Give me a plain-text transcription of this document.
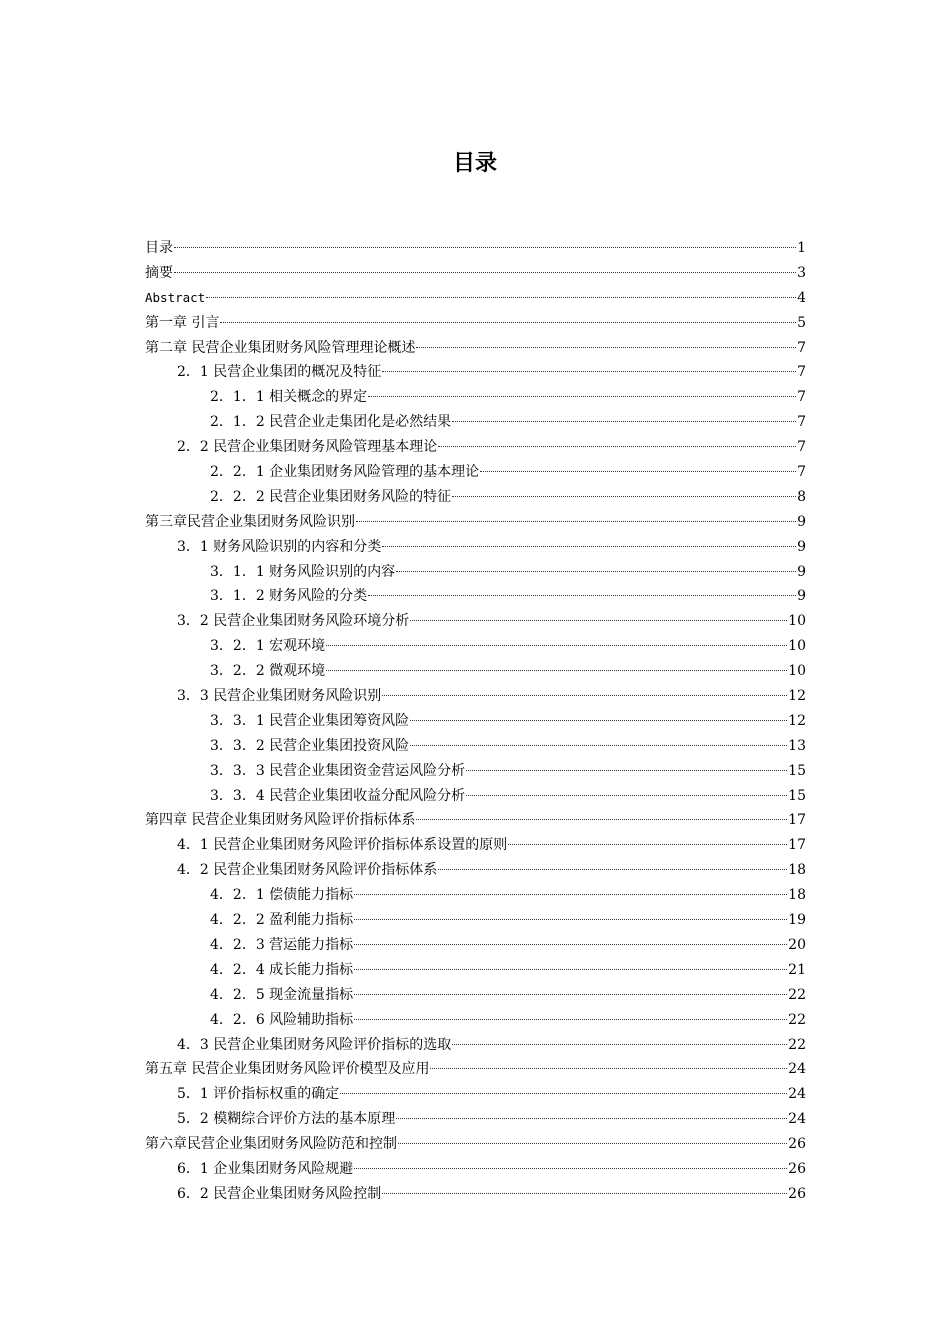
目录
目录	1
摘要	3
Abstract	4
第一章 引言	5
第二章 民营企业集团财务风险管理理论概述	7
2．1 民营企业集团的概况及特征	7
2．1．1 相关概念的界定	7
2．1．2 民营企业走集团化是必然结果	7
2．2 民营企业集团财务风险管理基本理论	7
2．2．1 企业集团财务风险管理的基本理论	7
2．2．2 民营企业集团财务风险的特征	8
第三章民营企业集团财务风险识别	9
3．1 财务风险识别的内容和分类	9
3．1．1 财务风险识别的内容	9
3．1．2 财务风险的分类	9
3．2 民营企业集团财务风险环境分析	10
3．2．1 宏观环境	10
3．2．2 微观环境	10
3．3 民营企业集团财务风险识别	12
3．3．1 民营企业集团筹资风险	12
3．3．2 民营企业集团投资风险	13
3．3．3 民营企业集团资金营运风险分析	15
3．3．4 民营企业集团收益分配风险分析	15
第四章 民营企业集团财务风险评价指标体系	17
4．1 民营企业集团财务风险评价指标体系设置的原则	17
4．2 民营企业集团财务风险评价指标体系	18
4．2．1 偿债能力指标	18
4．2．2 盈利能力指标	19
4．2．3 营运能力指标	20
4．2．4 成长能力指标	21
4．2．5 现金流量指标	22
4．2．6 风险辅助指标	22
4．3 民营企业集团财务风险评价指标的选取	22
第五章 民营企业集团财务风险评价模型及应用	24
5．1 评价指标权重的确定	24
5．2 模糊综合评价方法的基本原理	24
第六章民营企业集团财务风险防范和控制	26
6．1 企业集团财务风险规避	26
6．2 民营企业集团财务风险控制	26
